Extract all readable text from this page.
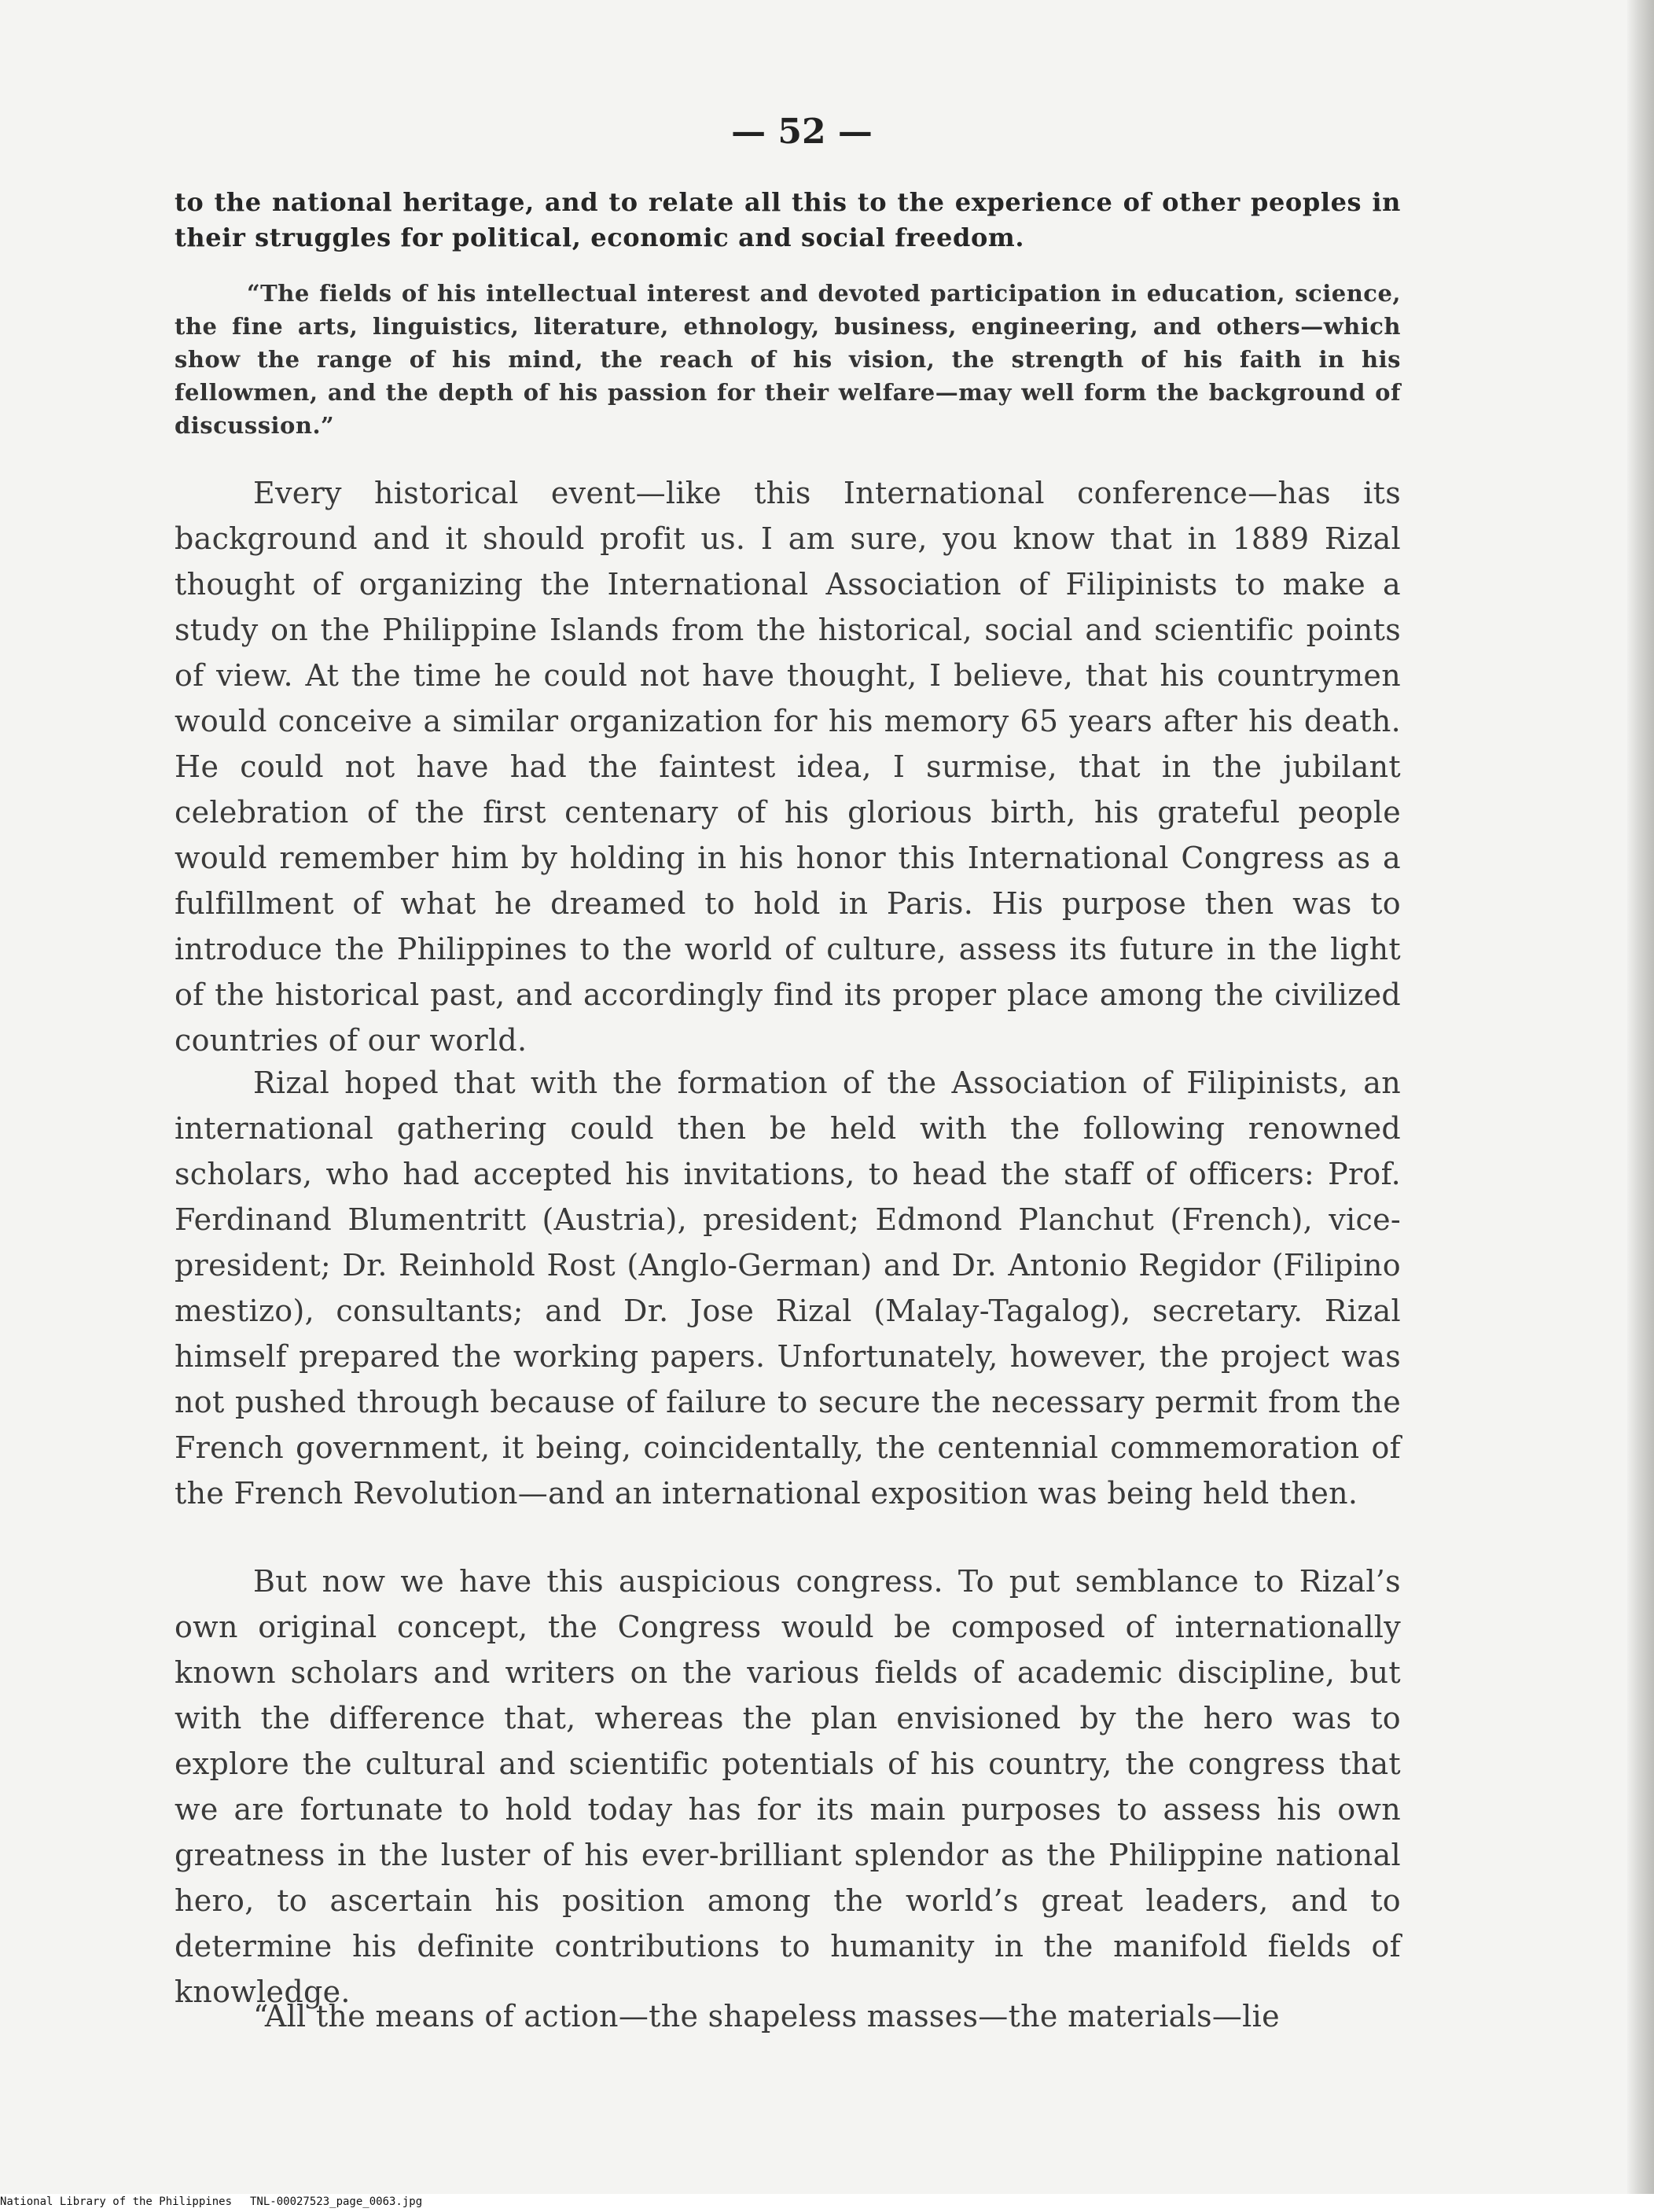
— 52 —
to the national heritage, and to relate all this to the experience of other peoples in their struggles for political, economic and social freedom.
“The fields of his intellectual interest and devoted participation in education, science, the fine arts, linguistics, literature, ethnology, business, engineering, and others—which show the range of his mind, the reach of his vision, the strength of his faith in his fellowmen, and the depth of his passion for their welfare—may well form the background of discussion.”

Every historical event—like this International conference—has its background and it should profit us. I am sure, you know that in 1889 Rizal thought of organizing the International Association of Filipinists to make a study on the Philippine Islands from the historical, social and scientific points of view. At the time he could not have thought, I believe, that his countrymen would conceive a similar organization for his memory 65 years after his death. He could not have had the faintest idea, I surmise, that in the jubilant celebration of the first centenary of his glorious birth, his grateful people would remember him by holding in his honor this International Congress as a fulfillment of what he dreamed to hold in Paris. His purpose then was to introduce the Philippines to the world of culture, assess its future in the light of the historical past, and accordingly find its proper place among the civilized countries of our world.

Rizal hoped that with the formation of the Association of Filipinists, an international gathering could then be held with the following renowned scholars, who had accepted his invitations, to head the staff of officers: Prof. Ferdinand Blumentritt (Austria), president; Edmond Planchut (French), vice-president; Dr. Reinhold Rost (Anglo-German) and Dr. Antonio Regidor (Filipino mestizo), consultants; and Dr. Jose Rizal (Malay-Tagalog), secretary. Rizal himself prepared the working papers. Unfortunately, however, the project was not pushed through because of failure to secure the necessary permit from the French government, it being, coincidentally, the centennial commemoration of the French Revolution—and an international exposition was being held then.

But now we have this auspicious congress. To put semblance to Rizal’s own original concept, the Congress would be composed of internationally known scholars and writers on the various fields of academic discipline, but with the difference that, whereas the plan envisioned by the hero was to explore the cultural and scientific potentials of his country, the congress that we are fortunate to hold today has for its main purposes to assess his own greatness in the luster of his ever-brilliant splendor as the Philippine national hero, to ascertain his position among the world’s great leaders, and to determine his definite contributions to humanity in the manifold fields of knowledge.

“All the means of action—the shapeless masses—the materials—lie

National Library of the Philippines TNL-00027523_page_0063.jpg
